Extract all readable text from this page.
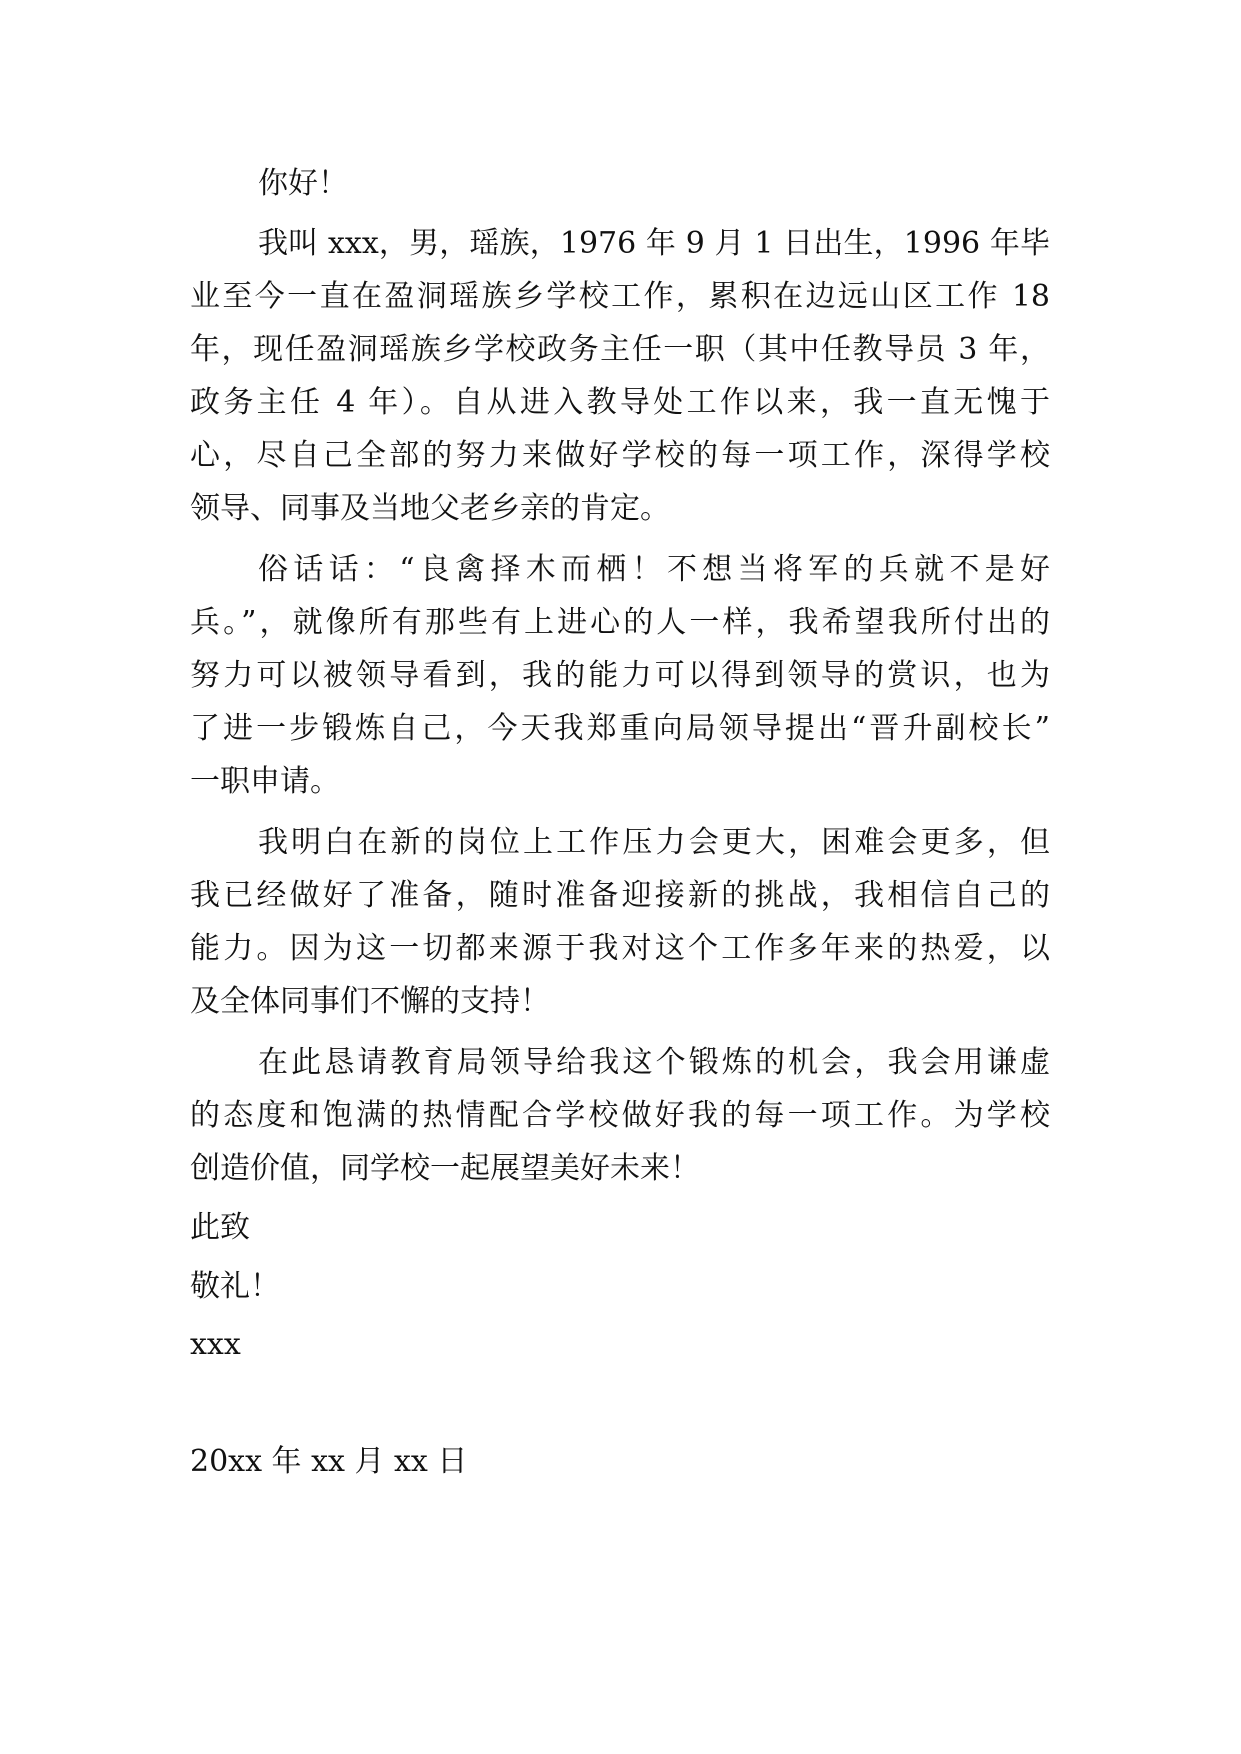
你好！
我叫 xxx，男，瑶族，1976 年 9 月 1 日出生，1996 年毕
业至今一直在盈洞瑶族乡学校工作，累积在边远山区工作 18
年，现任盈洞瑶族乡学校政务主任一职（其中任教导员 3 年，
政务主任 4 年）。自从进入教导处工作以来，我一直无愧于
心，尽自己全部的努力来做好学校的每一项工作，深得学校
领导、同事及当地父老乡亲的肯定。
俗话话：“良禽择木而栖！不想当将军的兵就不是好
兵。”，就像所有那些有上进心的人一样，我希望我所付出的
努力可以被领导看到，我的能力可以得到领导的赏识，也为
了进一步锻炼自己，今天我郑重向局领导提出“晋升副校长”
一职申请。
我明白在新的岗位上工作压力会更大，困难会更多，但
我已经做好了准备，随时准备迎接新的挑战，我相信自己的
能力。因为这一切都来源于我对这个工作多年来的热爱，以
及全体同事们不懈的支持！
在此恳请教育局领导给我这个锻炼的机会，我会用谦虚
的态度和饱满的热情配合学校做好我的每一项工作。为学校
创造价值，同学校一起展望美好未来！
此致
敬礼！
xxx
20xx 年 xx 月 xx 日
